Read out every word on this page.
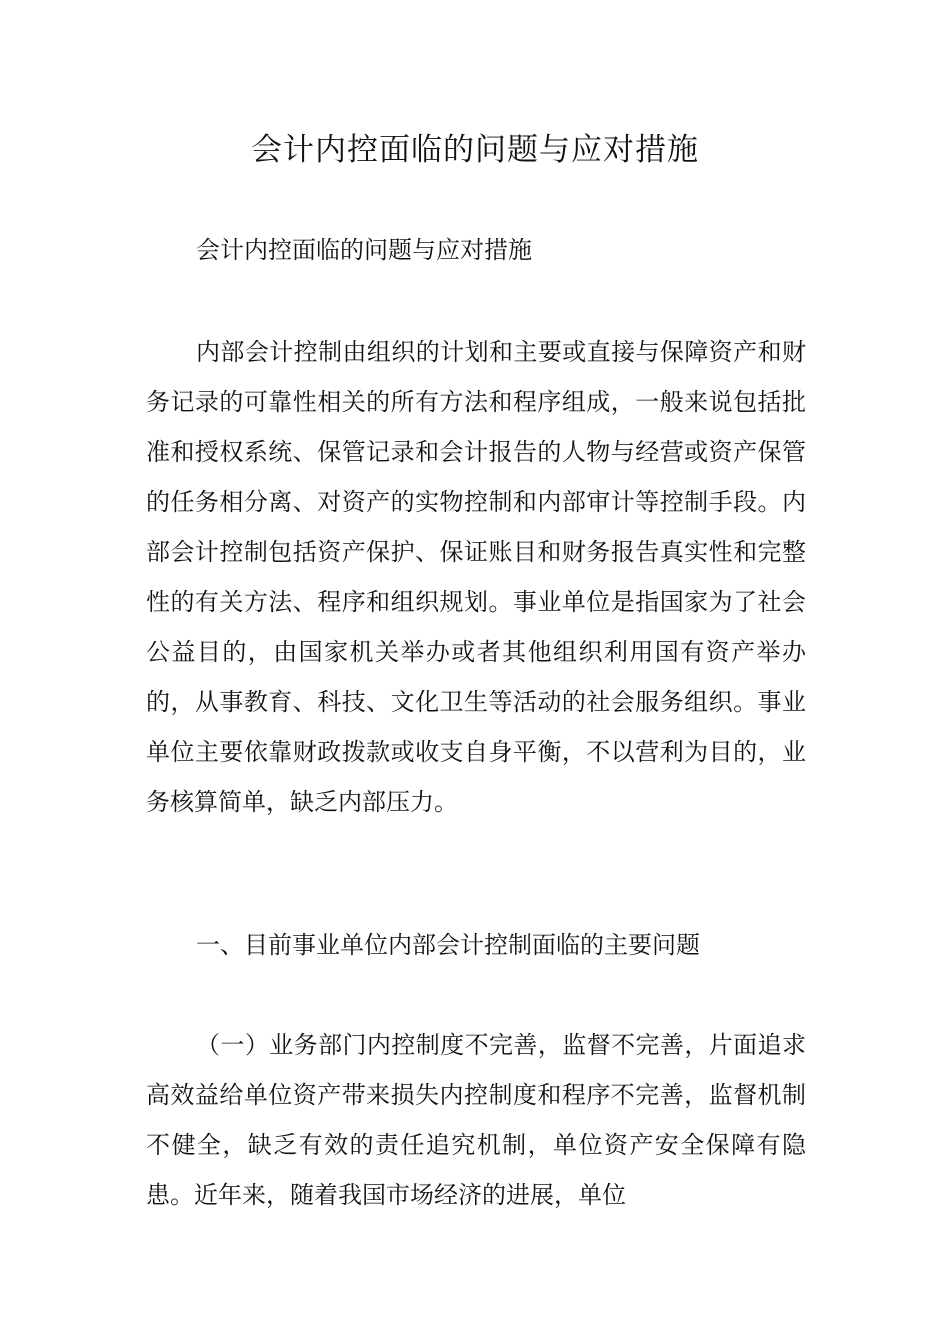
会计内控面临的问题与应对措施

会计内控面临的问题与应对措施

内部会计控制由组织的计划和主要或直接与保障资产和财务记录的可靠性相关的所有方法和程序组成，一般来说包括批准和授权系统、保管记录和会计报告的人物与经营或资产保管的任务相分离、对资产的实物控制和内部审计等控制手段。内部会计控制包括资产保护、保证账目和财务报告真实性和完整性的有关方法、程序和组织规划。事业单位是指国家为了社会公益目的，由国家机关举办或者其他组织利用国有资产举办的，从事教育、科技、文化卫生等活动的社会服务组织。事业单位主要依靠财政拨款或收支自身平衡，不以营利为目的，业务核算简单，缺乏内部压力。

一、目前事业单位内部会计控制面临的主要问题

（一）业务部门内控制度不完善，监督不完善，片面追求高效益给单位资产带来损失内控制度和程序不完善，监督机制不健全，缺乏有效的责任追究机制，单位资产安全保障有隐患。近年来，随着我国市场经济的进展，单位
